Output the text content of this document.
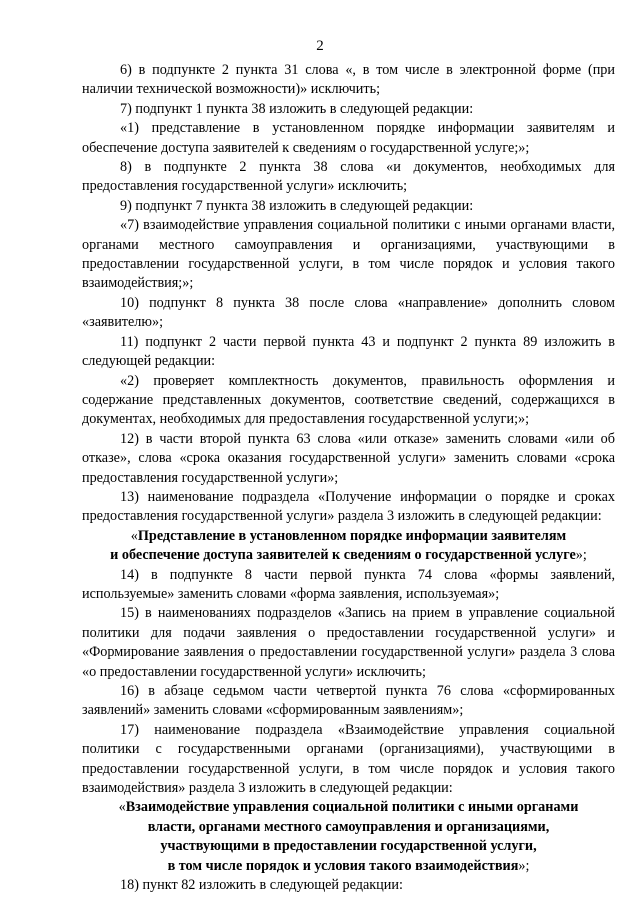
2

6) в подпункте 2 пункта 31 слова «, в том числе в электронной форме (при наличии технической возможности)» исключить;

7) подпункт 1 пункта 38 изложить в следующей редакции:

«1) представление в установленном порядке информации заявителям и обеспечение доступа заявителей к сведениям о государственной услуге;»;

8) в подпункте 2 пункта 38 слова «и документов, необходимых для предоставления государственной услуги» исключить;

9) подпункт 7 пункта 38 изложить в следующей редакции:

«7) взаимодействие управления социальной политики с иными органами власти, органами местного самоуправления и организациями, участвующими в предоставлении государственной услуги, в том числе порядок и условия такого взаимодействия;»;

10) подпункт 8 пункта 38 после слова «направление» дополнить словом «заявителю»;

11) подпункт 2 части первой пункта 43 и подпункт 2 пункта 89 изложить в следующей редакции:

«2) проверяет комплектность документов, правильность оформления и содержание представленных документов, соответствие сведений, содержащихся в документах, необходимых для предоставления государственной услуги;»;

12) в части второй пункта 63 слова «или отказе» заменить словами «или об отказе», слова «срока оказания государственной услуги» заменить словами «срока предоставления государственной услуги»;

13) наименование подраздела «Получение информации о порядке и сроках предоставления государственной услуги» раздела 3 изложить в следующей редакции:

«Представление в установленном порядке информации заявителям
и обеспечение доступа заявителей к сведениям о государственной услуге»;

14) в подпункте 8 части первой пункта 74 слова «формы заявлений, используемые» заменить словами «форма заявления, используемая»;

15) в наименованиях подразделов «Запись на прием в управление социальной политики для подачи заявления о предоставлении государственной услуги» и «Формирование заявления о предоставлении государственной услуги» раздела 3 слова «о предоставлении государственной услуги» исключить;

16) в абзаце седьмом части четвертой пункта 76 слова «сформированных заявлений» заменить словами «сформированным заявлениям»;

17) наименование подраздела «Взаимодействие управления социальной политики с государственными органами (организациями), участвующими в предоставлении государственной услуги, в том числе порядок и условия такого взаимодействия» раздела 3 изложить в следующей редакции:

«Взаимодействие управления социальной политики с иными органами
власти, органами местного самоуправления и организациями,
участвующими в предоставлении государственной услуги,
в том числе порядок и условия такого взаимодействия»;

18) пункт 82 изложить в следующей редакции:
